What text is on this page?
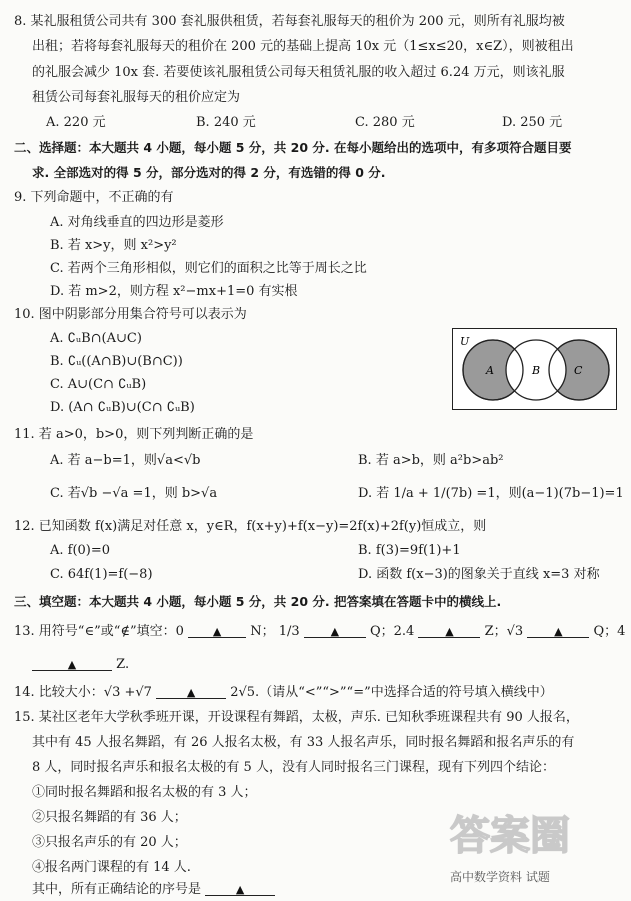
8. 某礼服租赁公司共有 300 套礼服供租赁，若每套礼服每天的租价为 200 元，则所有礼服均被
出租；若将每套礼服每天的租价在 200 元的基础上提高 10x 元（1≤x≤20，x∈Z），则被租出
的礼服会减少 10x 套. 若要使该礼服租赁公司每天租赁礼服的收入超过 6.24 万元，则该礼服
租赁公司每套礼服每天的租价应定为
A. 220 元	B. 240 元	C. 280 元	D. 250 元
二、选择题：本大题共 4 小题，每小题 5 分，共 20 分. 在每小题给出的选项中，有多项符合题目要
求. 全部选对的得 5 分，部分选对的得 2 分，有选错的得 0 分.
9. 下列命题中，不正确的有
A. 对角线垂直的四边形是菱形
B. 若 x>y，则 x²>y²
C. 若两个三角形相似，则它们的面积之比等于周长之比
D. 若 m>2，则方程 x²−mx+1=0 有实根
10. 图中阴影部分用集合符号可以表示为
A. ∁ᵤB∩(A∪C)
B. ∁ᵤ((A∩B)∪(B∩C))
C. A∪(C∩ ∁ᵤB)
D. (A∩ ∁ᵤB)∪(C∩ ∁ᵤB)
U
A	B	C
11. 若 a>0，b>0，则下列判断正确的是
A. 若 a−b=1，则√a<√b	B. 若 a>b，则 a²b>ab²
C. 若√b −√a =1，则 b>√a	D. 若 1/a + 1/(7b) =1，则(a−1)(7b−1)=1
12. 已知函数 f(x)满足对任意 x，y∈R，f(x+y)+f(x−y)=2f(x)+2f(y)恒成立，则
A. f(0)=0	B. f(3)=9f(1)+1
C. 64f(1)=f(−8)	D. 函数 f(x−3)的图象关于直线 x=3 对称
三、填空题：本大题共 4 小题，每小题 5 分，共 20 分. 把答案填在答题卡中的横线上.
13. 用符号“∈”或“∉”填空：0	▲ N； 1/3	▲ Q；2.4	▲ Z；√3	▲ Q；4
▲	Z.
14. 比较大小：√3 +√7	▲	2√5.（请从“<”“>”“=”中选择合适的符号填入横线中）
15. 某社区老年大学秋季班开课，开设课程有舞蹈，太极，声乐. 已知秋季班课程共有 90 人报名，
其中有 45 人报名舞蹈，有 26 人报名太极，有 33 人报名声乐，同时报名舞蹈和报名声乐的有
8 人，同时报名声乐和报名太极的有 5 人，没有人同时报名三门课程，现有下列四个结论：
①同时报名舞蹈和报名太极的有 3 人；
②只报名舞蹈的有 36 人；
③只报名声乐的有 20 人；
④报名两门课程的有 14 人.
其中，所有正确结论的序号是	▲
答案圈
高中数学资料 试题
